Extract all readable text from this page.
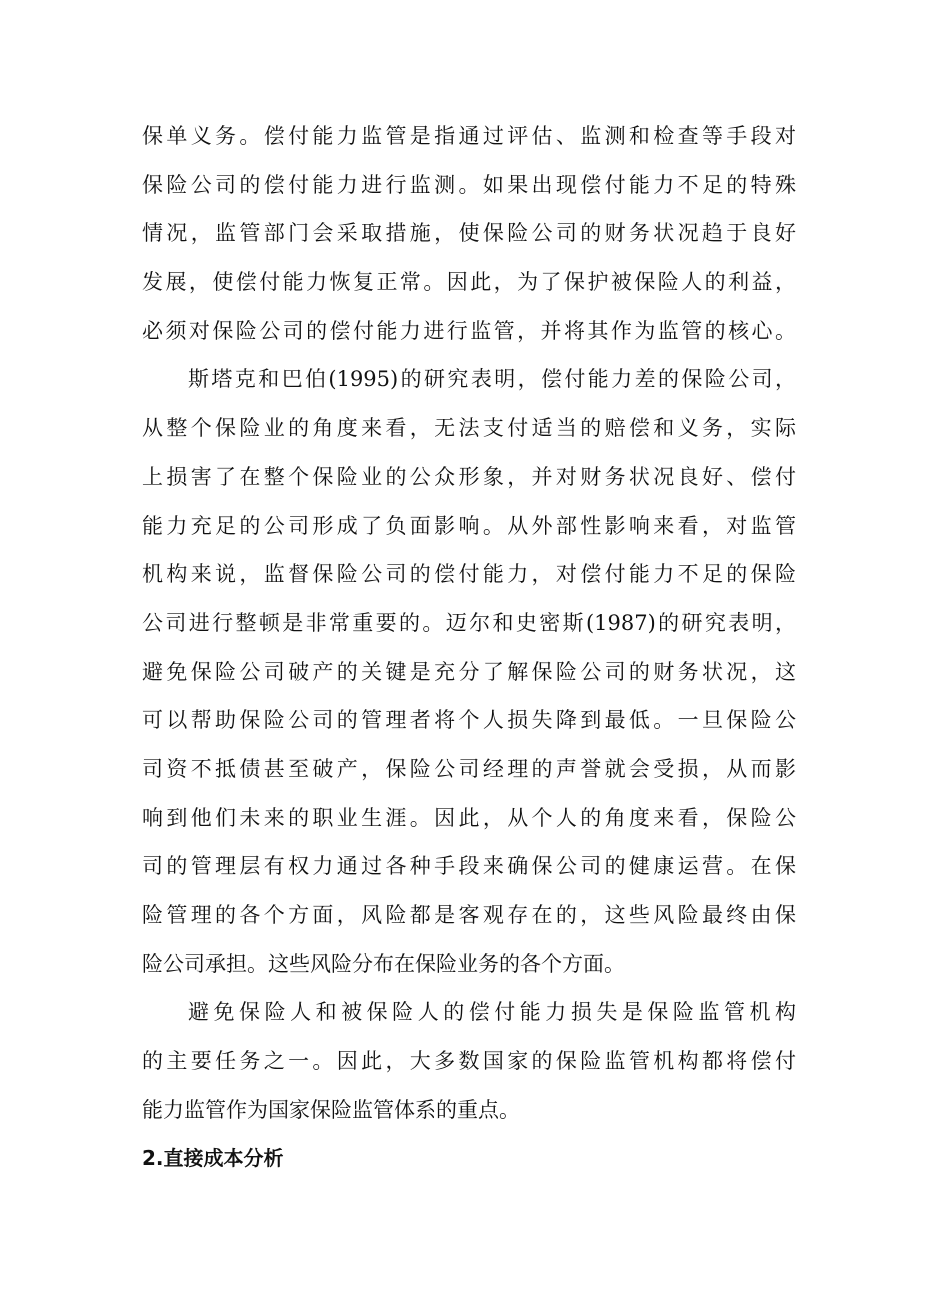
保单义务。偿付能力监管是指通过评估、监测和检查等手段对
保险公司的偿付能力进行监测。如果出现偿付能力不足的特殊
情况，监管部门会采取措施，使保险公司的财务状况趋于良好
发展，使偿付能力恢复正常。因此，为了保护被保险人的利益，
必须对保险公司的偿付能力进行监管，并将其作为监管的核心。
斯塔克和巴伯(1995)的研究表明，偿付能力差的保险公司，
从整个保险业的角度来看，无法支付适当的赔偿和义务，实际
上损害了在整个保险业的公众形象，并对财务状况良好、偿付
能力充足的公司形成了负面影响。从外部性影响来看，对监管
机构来说，监督保险公司的偿付能力，对偿付能力不足的保险
公司进行整顿是非常重要的。迈尔和史密斯(1987)的研究表明，
避免保险公司破产的关键是充分了解保险公司的财务状况，这
可以帮助保险公司的管理者将个人损失降到最低。一旦保险公
司资不抵债甚至破产，保险公司经理的声誉就会受损，从而影
响到他们未来的职业生涯。因此，从个人的角度来看，保险公
司的管理层有权力通过各种手段来确保公司的健康运营。在保
险管理的各个方面，风险都是客观存在的，这些风险最终由保
险公司承担。这些风险分布在保险业务的各个方面。
避免保险人和被保险人的偿付能力损失是保险监管机构
的主要任务之一。因此，大多数国家的保险监管机构都将偿付
能力监管作为国家保险监管体系的重点。
2.直接成本分析
